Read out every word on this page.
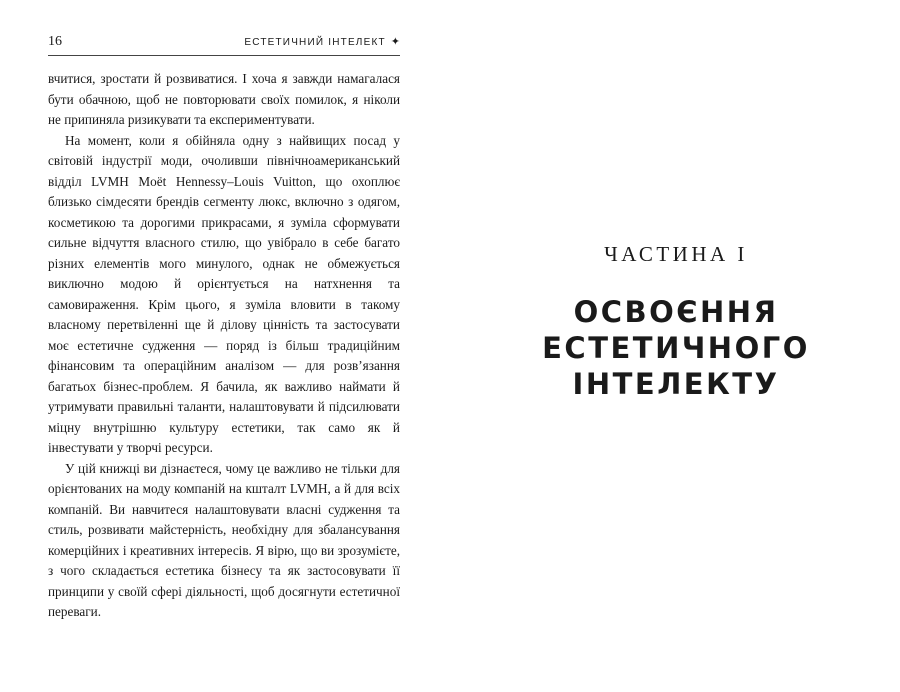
16	ЕСТЕТИЧНИЙ ІНТЕЛЕКТ ✦

вчитися, зростати й розвиватися. І хоча я завжди намагалася бути обачною, щоб не повторювати своїх помилок, я ніколи не припиняла ризикувати та експериментувати.

На момент, коли я обійняла одну з найвищих посад у світовій індустрії моди, очоливши північноамериканський відділ LVMH Moët Hennessy–Louis Vuitton, що охоплює близько сімдесяти брендів сегменту люкс, включно з одягом, косметикою та дорогими прикрасами, я зуміла сформувати сильне відчуття власного стилю, що увібрало в себе багато різних елементів мого минулого, однак не обмежується виключно модою й орієнтується на натхнення та самовираження. Крім цього, я зуміла вловити в такому власному перетвіленні ще й ділову цінність та застосувати моє естетичне судження — поряд із більш традиційним фінансовим та операційним аналізом — для розв’язання багатьох бізнес-проблем. Я бачила, як важливо наймати й утримувати правильні таланти, налаштовувати й підсилювати міцну внутрішню культуру естетики, так само як й інвестувати у творчі ресурси.

У цій книжці ви дізнаєтеся, чому це важливо не тільки для орієнтованих на моду компаній на кшталт LVMH, а й для всіх компаній. Ви навчитеся налаштовувати власні судження та стиль, розвивати майстерність, необхідну для збалансування комерційних і креативних інтересів. Я вірю, що ви зрозумієте, з чого складається естетика бізнесу та як застосовувати її принципи у своїй сфері діяльності, щоб досягнути естетичної переваги.

ЧАСТИНА І
ОСВОЄННЯ
ЕСТЕТИЧНОГО
ІНТЕЛЕКТУ
